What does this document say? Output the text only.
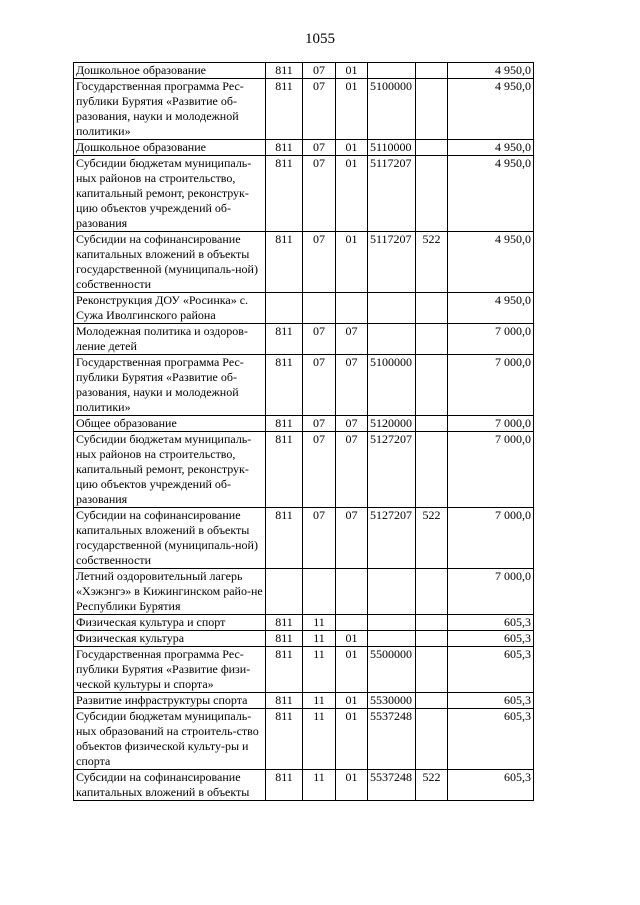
1055
Дошкольное образование	811	07	01			4 950,0
Государственная программа Рес-публики Бурятия «Развитие об-разования, науки и молодежной политики»	811	07	01	5100000		4 950,0
Дошкольное образование	811	07	01	5110000		4 950,0
Субсидии бюджетам муниципаль-ных районов на строительство, капитальный ремонт, реконструк-цию объектов учреждений об-разования	811	07	01	5117207		4 950,0
Субсидии на софинансирование капитальных вложений в объекты государственной (муниципаль-ной) собственности	811	07	01	5117207	522	4 950,0
Реконструкция ДОУ «Росинка» с. Сужа Иволгинского района						4 950,0
Молодежная политика и оздоров-ление детей	811	07	07			7 000,0
Государственная программа Рес-публики Бурятия «Развитие об-разования, науки и молодежной политики»	811	07	07	5100000		7 000,0
Общее образование	811	07	07	5120000		7 000,0
Субсидии бюджетам муниципаль-ных районов на строительство, капитальный ремонт, реконструк-цию объектов учреждений об-разования	811	07	07	5127207		7 000,0
Субсидии на софинансирование капитальных вложений в объекты государственной (муниципаль-ной) собственности	811	07	07	5127207	522	7 000,0
Летний оздоровительный лагерь «Хэжэнгэ» в Кижингинском райо-не Республики Бурятия						7 000,0
Физическая культура и спорт	811	11				605,3
Физическая культура	811	11	01			605,3
Государственная программа Рес-публики Бурятия «Развитие физи-ческой культуры и спорта»	811	11	01	5500000		605,3
Развитие инфраструктуры спорта	811	11	01	5530000		605,3
Субсидии бюджетам муниципаль-ных образований на строитель-ство объектов физической культу-ры и спорта	811	11	01	5537248		605,3
Субсидии на софинансирование капитальных вложений в объекты	811	11	01	5537248	522	605,3
